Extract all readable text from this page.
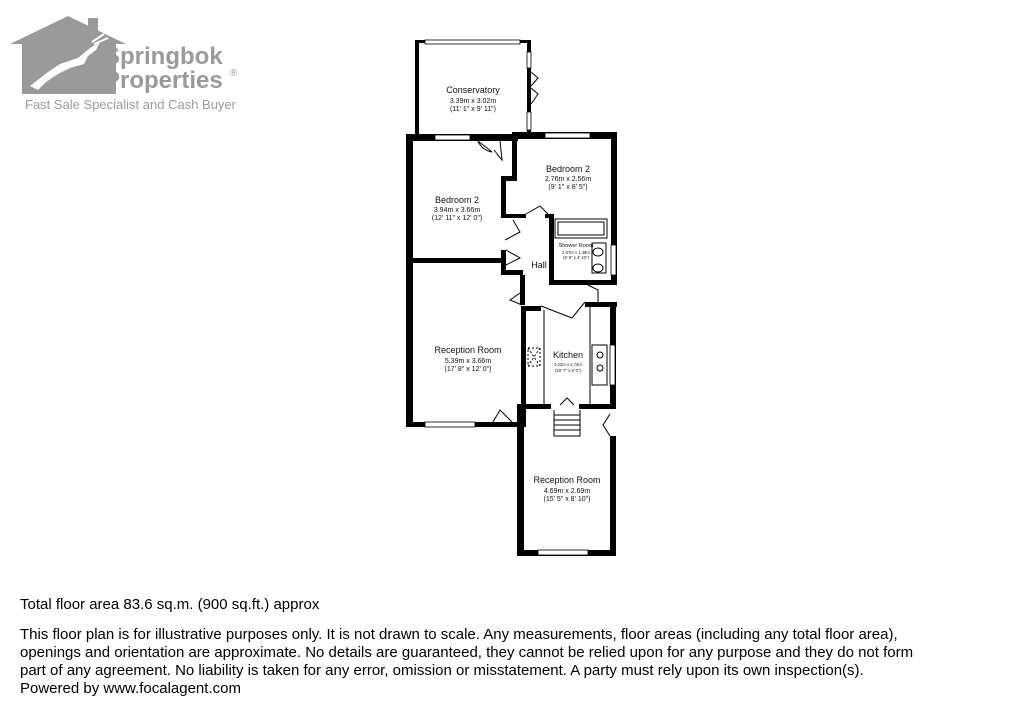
Conservatory
3.39m x 3.02m
(11' 1" x 9' 11")
Bedroom 2
3.94m x 3.66m
(12' 11" x 12' 0")
Bedroom 2
2.76m x 2.56m
(9' 1" x 8' 5")
Shower Room
2.07m x 1.48m
(6' 9" x 4' 10")
Hall
Reception Room
5.39m x 3.66m
(17' 8" x 12' 0")
Kitchen
3.22m x 2.74m
(10' 7" x 9' 0")
Reception Room
4.69m x 2.69m
(15' 5" x 8' 10")
Springbok
Properties ®
Fast Sale Specialist and Cash Buyer

Total floor area 83.6 sq.m. (900 sq.ft.) approx

This floor plan is for illustrative purposes only. It is not drawn to scale. Any measurements, floor areas (including any total floor area),

openings and orientation are approximate. No details are guaranteed, they cannot be relied upon for any purpose and they do not form

part of any agreement. No liability is taken for any error, omission or misstatement. A party must rely upon its own inspection(s).

Powered by www.focalagent.com
